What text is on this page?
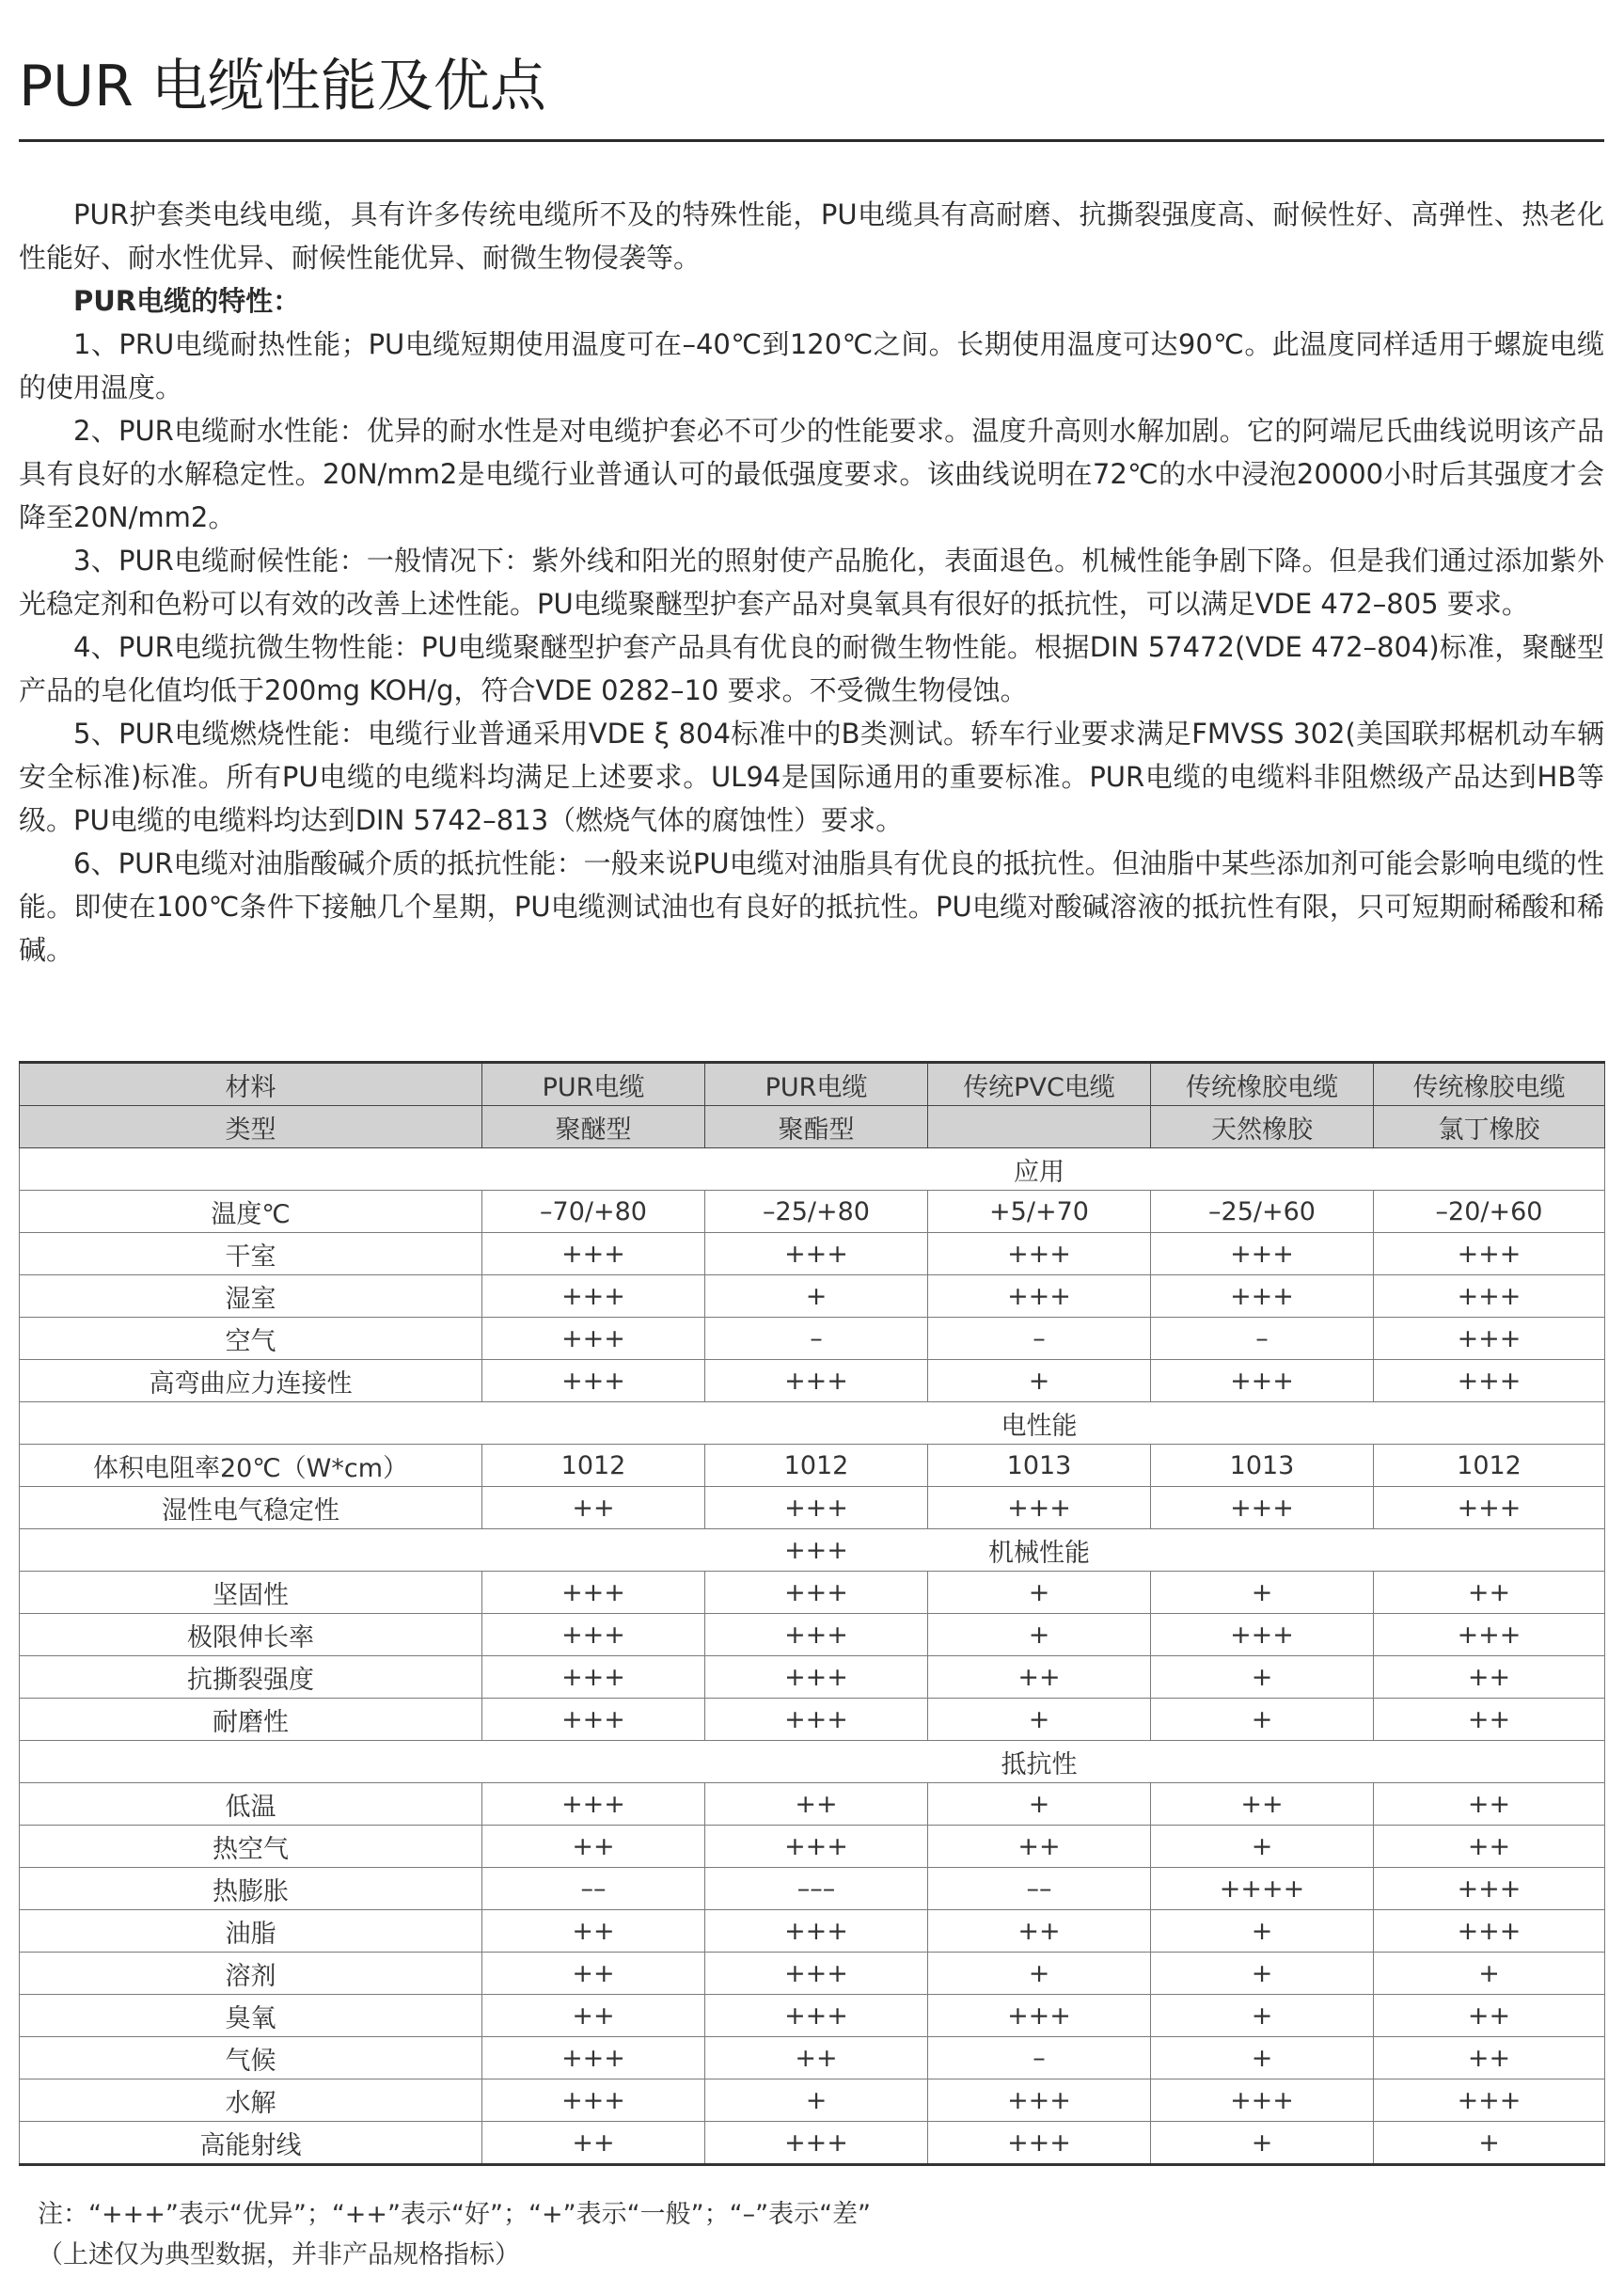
PUR 电缆性能及优点

PUR护套类电线电缆，具有许多传统电缆所不及的特殊性能，PU电缆具有高耐磨、抗撕裂强度高、耐候性好、高弹性、热老化性能好、耐水性优异、耐候性能优异、耐微生物侵袭等。

PUR电缆的特性：

1、PRU电缆耐热性能；PU电缆短期使用温度可在–40℃到120℃之间。长期使用温度可达90℃。此温度同样适用于螺旋电缆的使用温度。

2、PUR电缆耐水性能：优异的耐水性是对电缆护套必不可少的性能要求。温度升高则水解加剧。它的阿端尼氏曲线说明该产品具有良好的水解稳定性。20N/mm2是电缆行业普通认可的最低强度要求。该曲线说明在72℃的水中浸泡20000小时后其强度才会降至20N/mm2。

3、PUR电缆耐候性能：一般情况下：紫外线和阳光的照射使产品脆化，表面退色。机械性能争剧下降。但是我们通过添加紫外光稳定剂和色粉可以有效的改善上述性能。PU电缆聚醚型护套产品对臭氧具有很好的抵抗性，可以满足VDE 472–805 要求。

4、PUR电缆抗微生物性能：PU电缆聚醚型护套产品具有优良的耐微生物性能。根据DIN 57472(VDE 472–804)标准，聚醚型产品的皂化值均低于200mg KOH/g，符合VDE 0282–10 要求。不受微生物侵蚀。

5、PUR电缆燃烧性能：电缆行业普通采用VDE ξ 804标准中的B类测试。轿车行业要求满足FMVSS 302(美国联邦椐机动车辆安全标准)标准。所有PU电缆的电缆料均满足上述要求。UL94是国际通用的重要标准。PUR电缆的电缆料非阻燃级产品达到HB等级。PU电缆的电缆料均达到DIN 5742–813（燃烧气体的腐蚀性）要求。

6、PUR电缆对油脂酸碱介质的抵抗性能：一般来说PU电缆对油脂具有优良的抵抗性。但油脂中某些添加剂可能会影响电缆的性能。即使在100℃条件下接触几个星期，PU电缆测试油也有良好的抵抗性。PU电缆对酸碱溶液的抵抗性有限，只可短期耐稀酸和稀碱。

材料	PUR电缆	PUR电缆	传统PVC电缆	传统橡胶电缆	传统橡胶电缆
类型	聚醚型	聚酯型		天然橡胶	氯丁橡胶
			应用		
温度℃	–70/+80	–25/+80	+5/+70	–25/+60	–20/+60
干室	+++	+++	+++	+++	+++
湿室	+++	+	+++	+++	+++
空气	+++	–	–	–	+++
高弯曲应力连接性	+++	+++	+	+++	+++
			电性能		
体积电阻率20℃（W*cm）	1012	1012	1013	1013	1012
湿性电气稳定性	++	+++	+++	+++	+++
		+++	机械性能		
坚固性	+++	+++	+	+	++
极限伸长率	+++	+++	+	+++	+++
抗撕裂强度	+++	+++	++	+	++
耐磨性	+++	+++	+	+	++
			抵抗性		
低温	+++	++	+	++	++
热空气	++	+++	++	+	++
热膨胀	––	–––	––	++++	+++
油脂	++	+++	++	+	+++
溶剂	++	+++	+	+	+
臭氧	++	+++	+++	+	++
气候	+++	++	–	+	++
水解	+++	+	+++	+++	+++
高能射线	++	+++	+++	+	+
注：“+++”表示“优异”；“++”表示“好”；“+”表示“一般”；“–”表示“差”
（上述仅为典型数据，并非产品规格指标）
